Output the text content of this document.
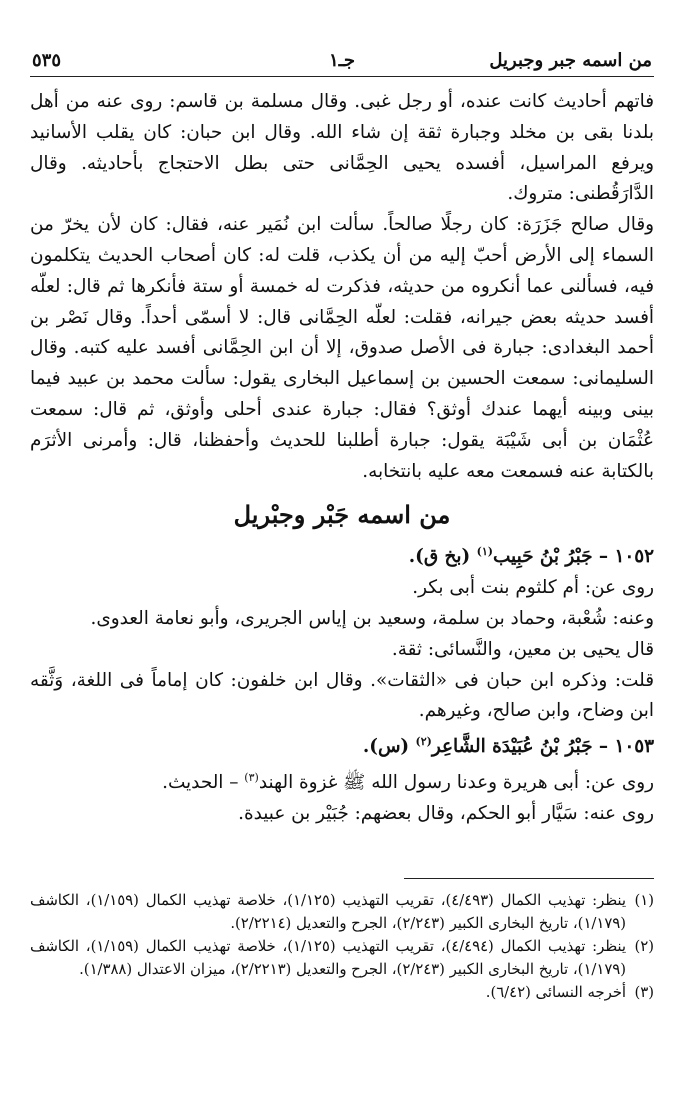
من اسمه جبر وجبريل
جـ١
٥٣٥

فاتهم أحاديث كانت عنده، أو رجل غبى. وقال مسلمة بن قاسم: روى عنه من أهل بلدنا بقى بن مخلد وجبارة ثقة إن شاء الله. وقال ابن حبان: كان يقلب الأسانيد ويرفع المراسيل، أفسده يحيى الحِمَّانى حتى بطل الاحتجاج بأحاديثه. وقال الدَّارَقُطنى: متروك.

وقال صالح جَزَرَة: كان رجلًا صالحاً. سألت ابن نُمَير عنه، فقال: كان لأن يخرّ من السماء إلى الأرض أحبّ إليه من أن يكذب، قلت له: كان أصحاب الحديث يتكلمون فيه، فسألنى عما أنكروه من حديثه، فذكرت له خمسة أو ستة فأنكرها ثم قال: لعلّه أفسد حديثه بعض جيرانه، فقلت: لعلّه الحِمَّانى قال: لا أسمّى أحداً. وقال نَصْر بن أحمد البغدادى: جبارة فى الأصل صدوق، إلا أن ابن الحِمَّانى أفسد عليه كتبه. وقال السليمانى: سمعت الحسين بن إسماعيل البخارى يقول: سألت محمد بن عبيد فيما بينى وبينه أيهما عندك أوثق؟ فقال: جبارة عندى أحلى وأوثق، ثم قال: سمعت عُثْمَان بن أبى شَيْبَة يقول: جبارة أطلبنا للحديث وأحفظنا، قال: وأمرنى الأثرَم بالكتابة عنه فسمعت معه عليه بانتخابه.

من اسمه جَبْر وجبْريل

١٠٥٢ – جَبْرُ بْنُ حَبِيب$^{(١)}$ (بخ ق).

روى عن: أم كلثوم بنت أبى بكر.

وعنه: شُعْبة، وحماد بن سلمة، وسعيد بن إياس الجريرى، وأبو نعامة العدوى.

قال يحيى بن معين، والنَّسائى: ثقة.

قلت: وذكره ابن حبان فى «الثقات». وقال ابن خلفون: كان إماماً فى اللغة، وَثَّقه ابن وضاح، وابن صالح، وغيرهم.

١٠٥٣ – جَبْرُ بْنُ عُبَيْدَة الشَّاعِر$^{(٢)}$ (س).

روى عن: أبى هريرة وعدنا رسول الله ﷺ غزوة الهند$^{(٣)}$ – الحديث.

روى عنه: سَيَّار أبو الحكم، وقال بعضهم: جُبَيْر بن عبيدة.

(١)
ينظر: تهذيب الكمال (٤/٤٩٣)، تقريب التهذيب (١/١٢٥)، خلاصة تهذيب الكمال (١/١٥٩)، الكاشف (١/١٧٩)، تاريخ البخارى الكبير (٢/٢٤٣)، الجرح والتعديل (٢/٢٢١٤).
(٢)
ينظر: تهذيب الكمال (٤/٤٩٤)، تقريب التهذيب (١/١٢٥)، خلاصة تهذيب الكمال (١/١٥٩)، الكاشف (١/١٧٩)، تاريخ البخارى الكبير (٢/٢٤٣)، الجرح والتعديل (٢/٢٢١٣)، ميزان الاعتدال (١/٣٨٨).
(٣)
أخرجه النسائى (٦/٤٢).
